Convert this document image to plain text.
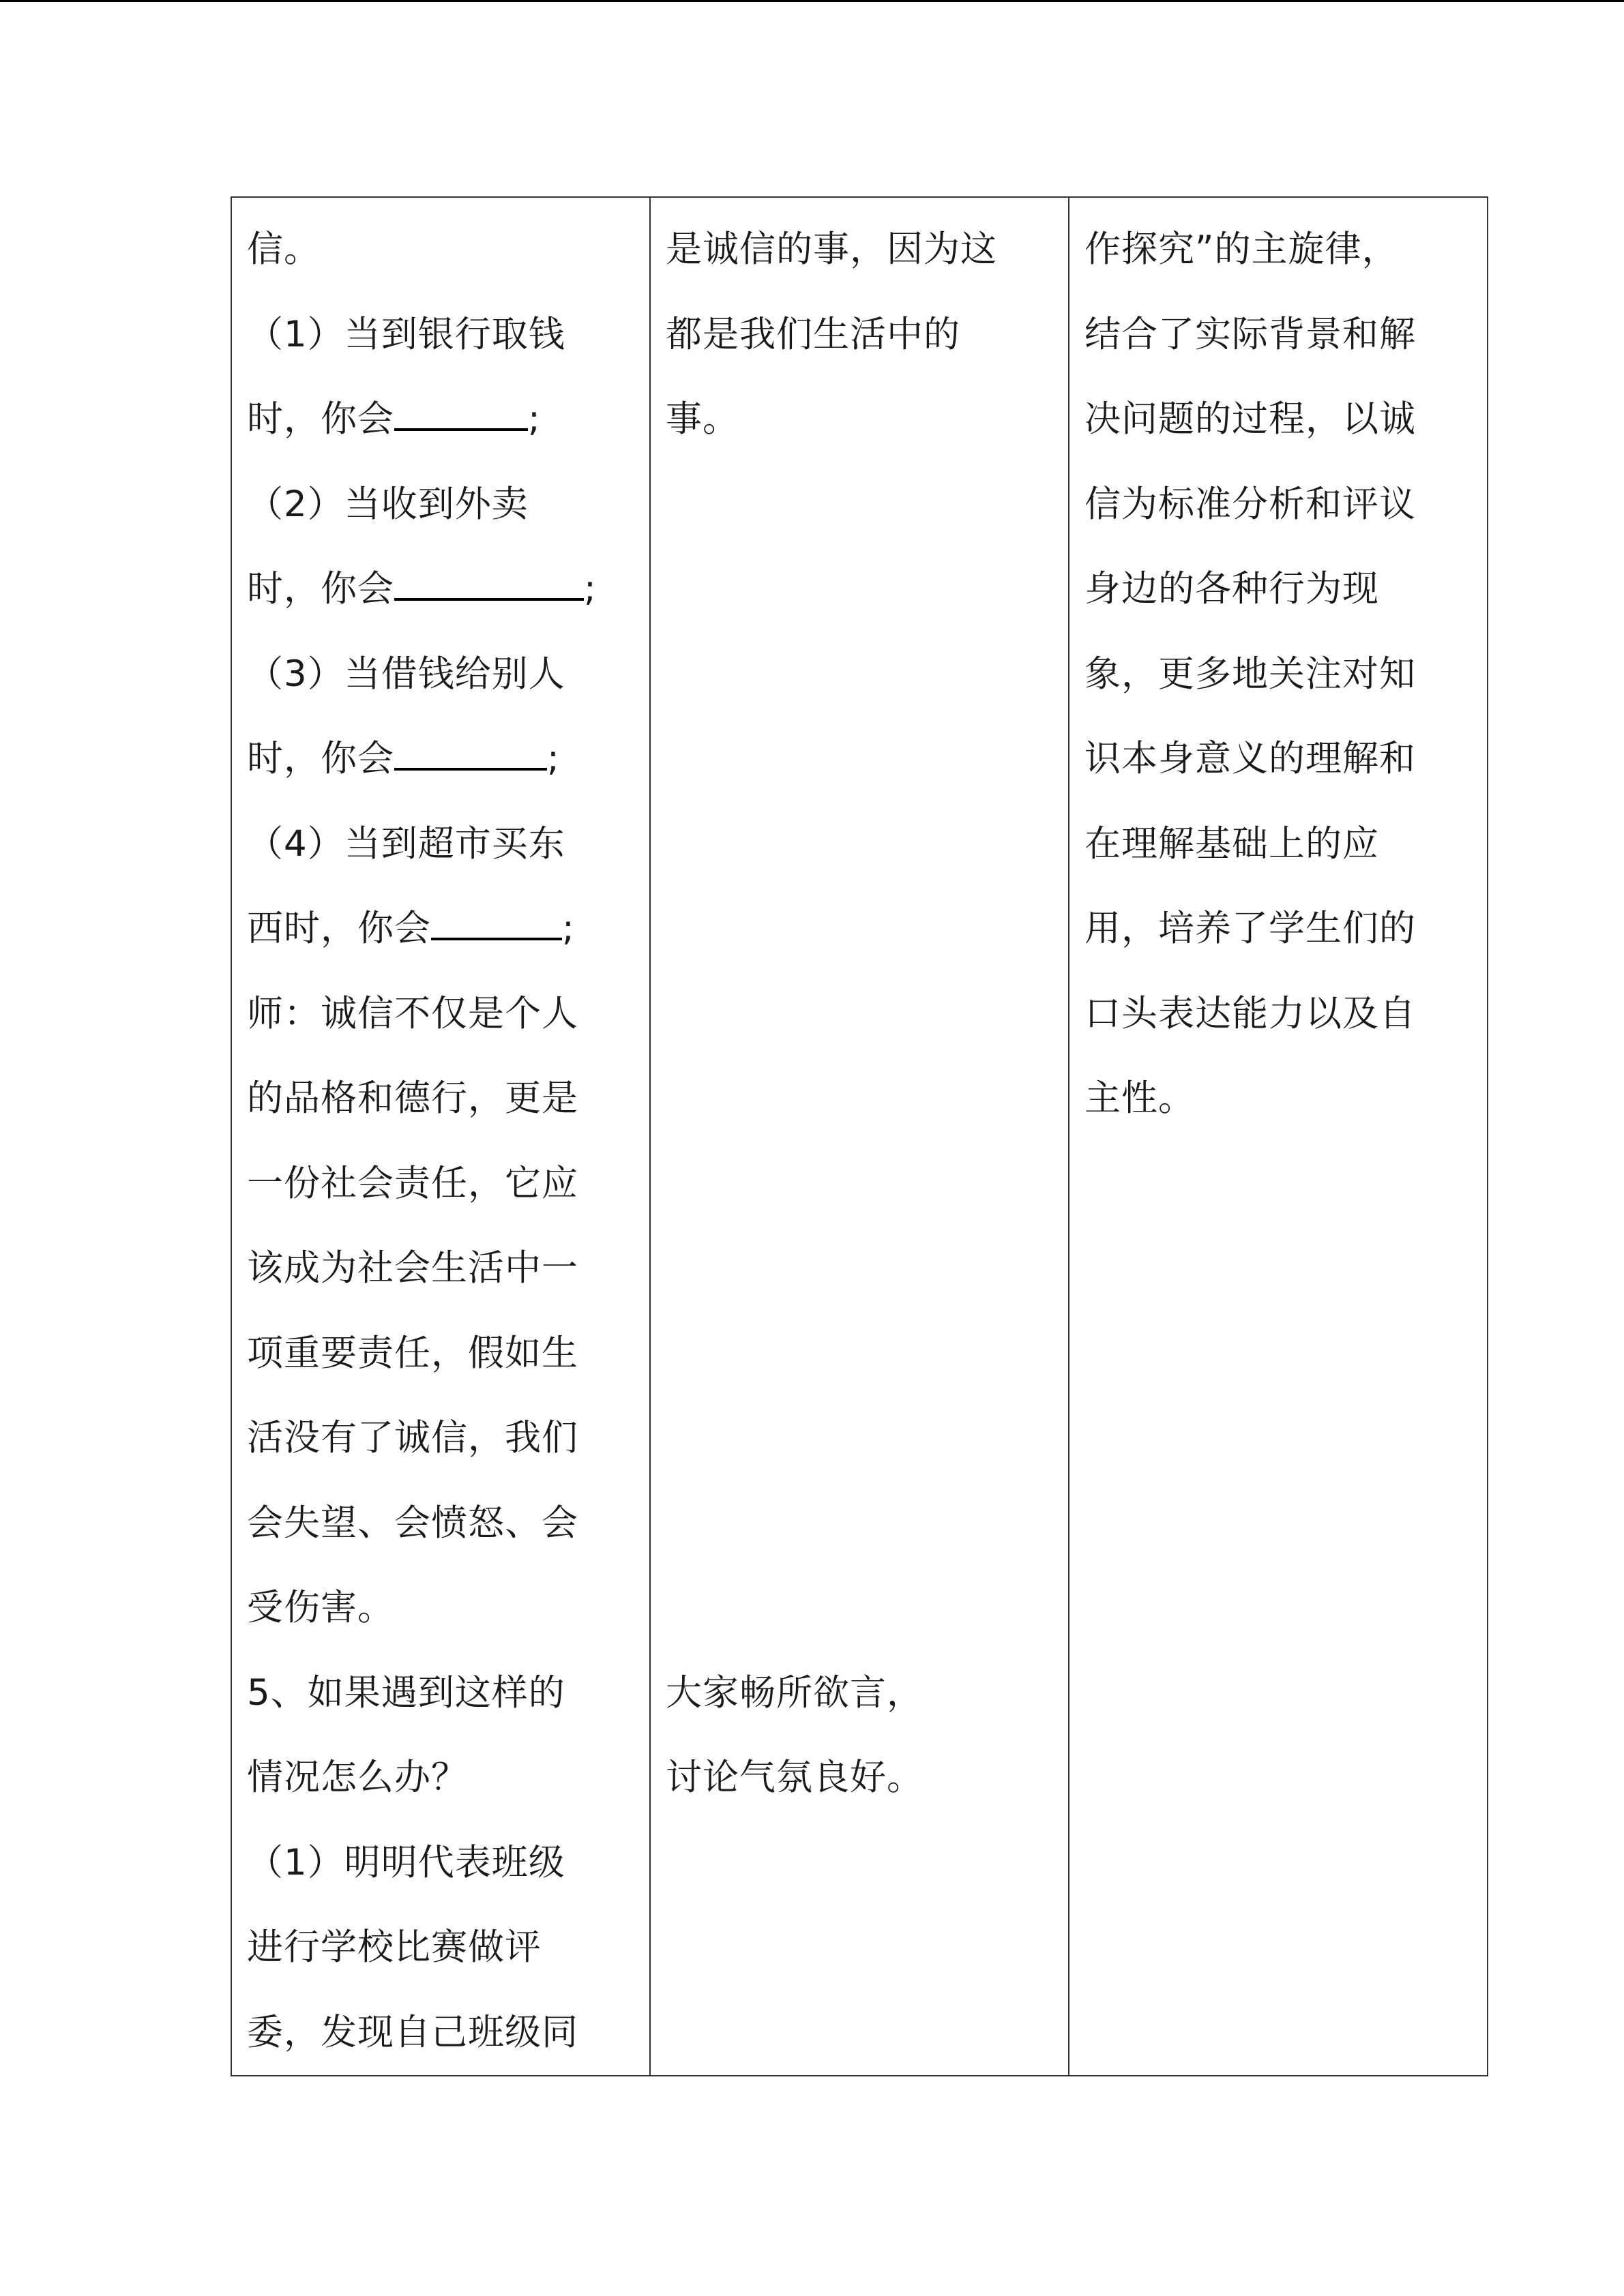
信。
（1）当到银行取钱
时，你会	;
（2）当收到外卖
时，你会	;
（3）当借钱给别人
时，你会	;
（4）当到超市买东
西时，你会	;
师：诚信不仅是个人
的品格和德行，更是
一份社会责任，它应
该成为社会生活中一
项重要责任，假如生
活没有了诚信，我们
会失望、会愤怒、会
受伤害。
5、如果遇到这样的
情况怎么办？
（1）明明代表班级
进行学校比赛做评
委，发现自己班级同

是诚信的事，因为这
都是我们生活中的
事。
大家畅所欲言，
讨论气氛良好。

作探究”的主旋律，
结合了实际背景和解
决问题的过程，以诚
信为标准分析和评议
身边的各种行为现
象，更多地关注对知
识本身意义的理解和
在理解基础上的应
用，培养了学生们的
口头表达能力以及自
主性。
